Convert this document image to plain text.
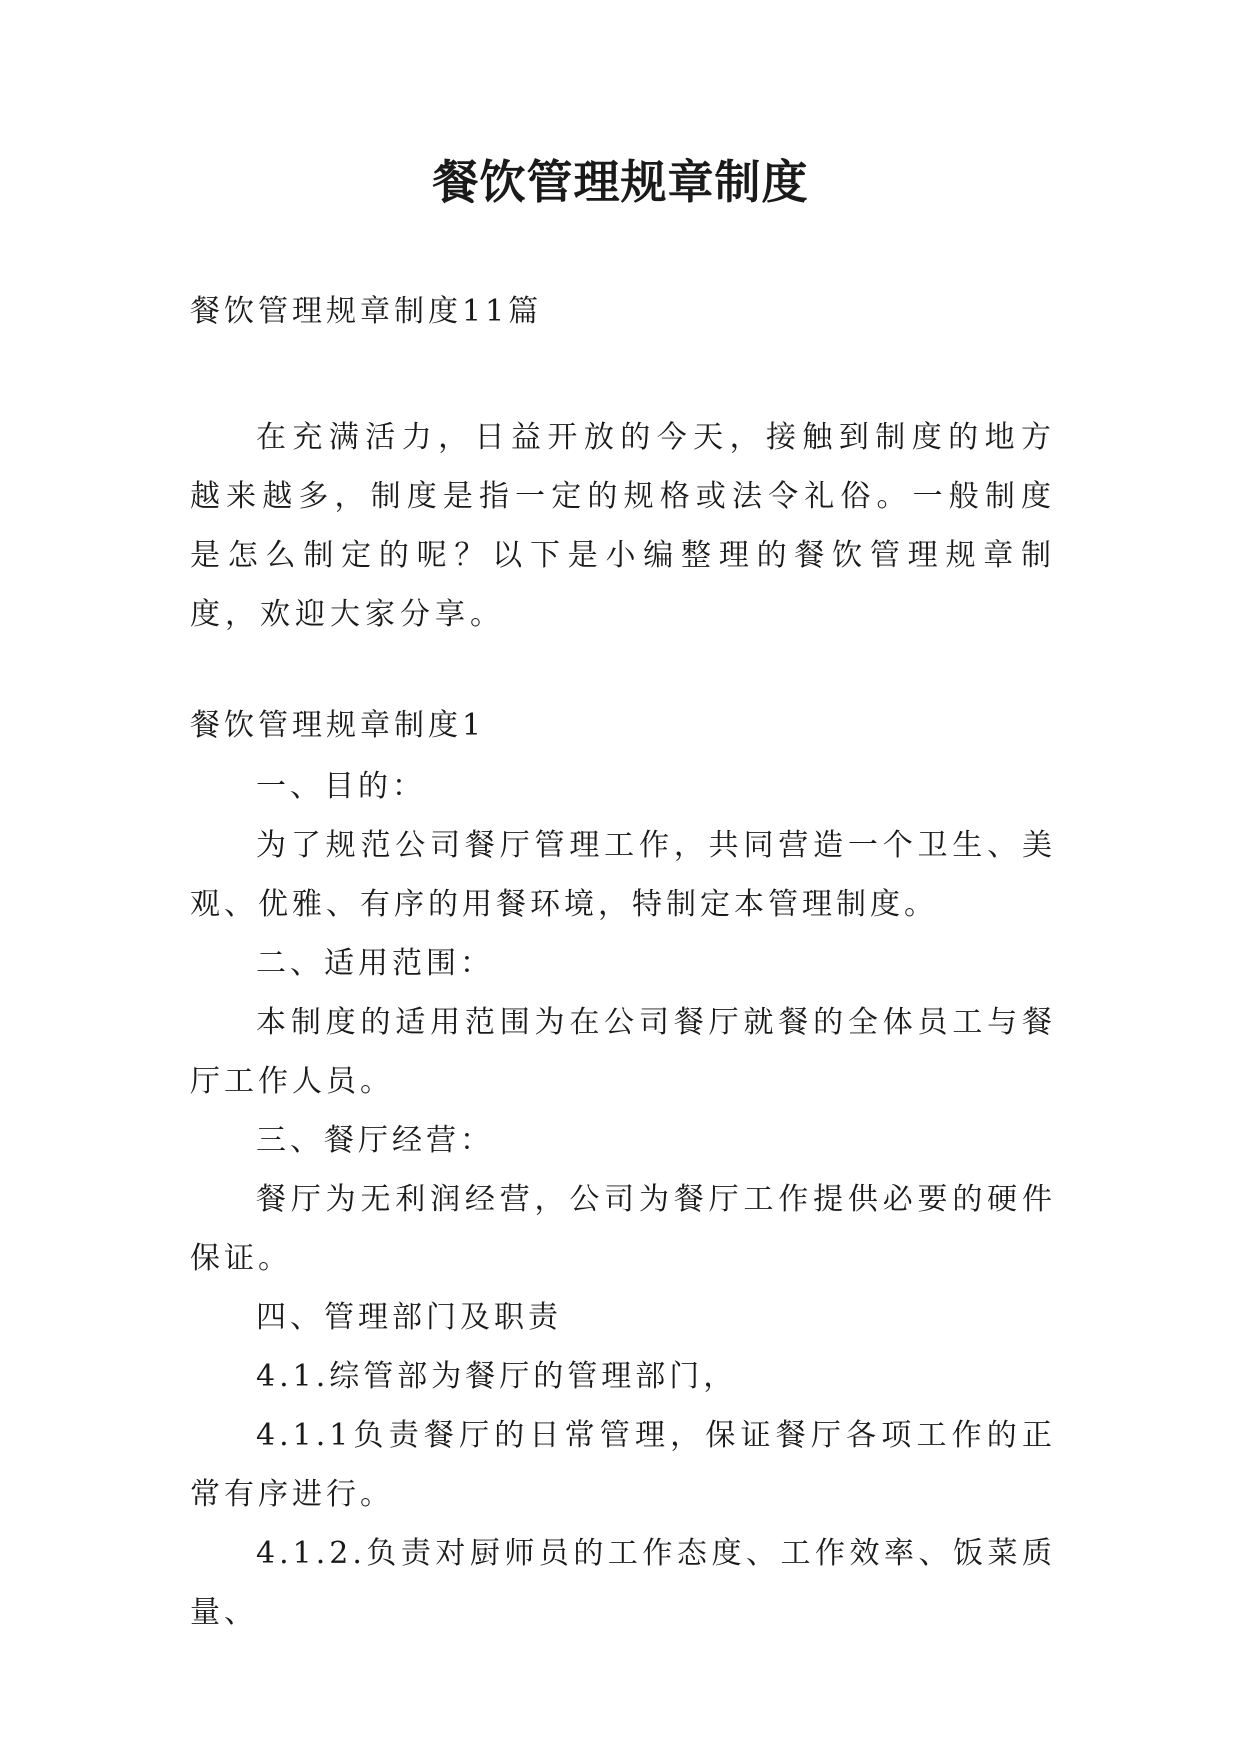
餐饮管理规章制度
餐饮管理规章制度11篇
在充满活力，日益开放的今天，接触到制度的地方越来越多，制度是指一定的规格或法令礼俗。一般制度是怎么制定的呢？以下是小编整理的餐饮管理规章制度，欢迎大家分享。
餐饮管理规章制度1

一、目的：

为了规范公司餐厅管理工作，共同营造一个卫生、美观、优雅、有序的用餐环境，特制定本管理制度。

二、适用范围：

本制度的适用范围为在公司餐厅就餐的全体员工与餐厅工作人员。

三、餐厅经营：

餐厅为无利润经营，公司为餐厅工作提供必要的硬件保证。

四、管理部门及职责

4.1.综管部为餐厅的管理部门，

4.1.1负责餐厅的日常管理，保证餐厅各项工作的正常有序进行。

4.1.2.负责对厨师员的工作态度、工作效率、饭菜质量、
